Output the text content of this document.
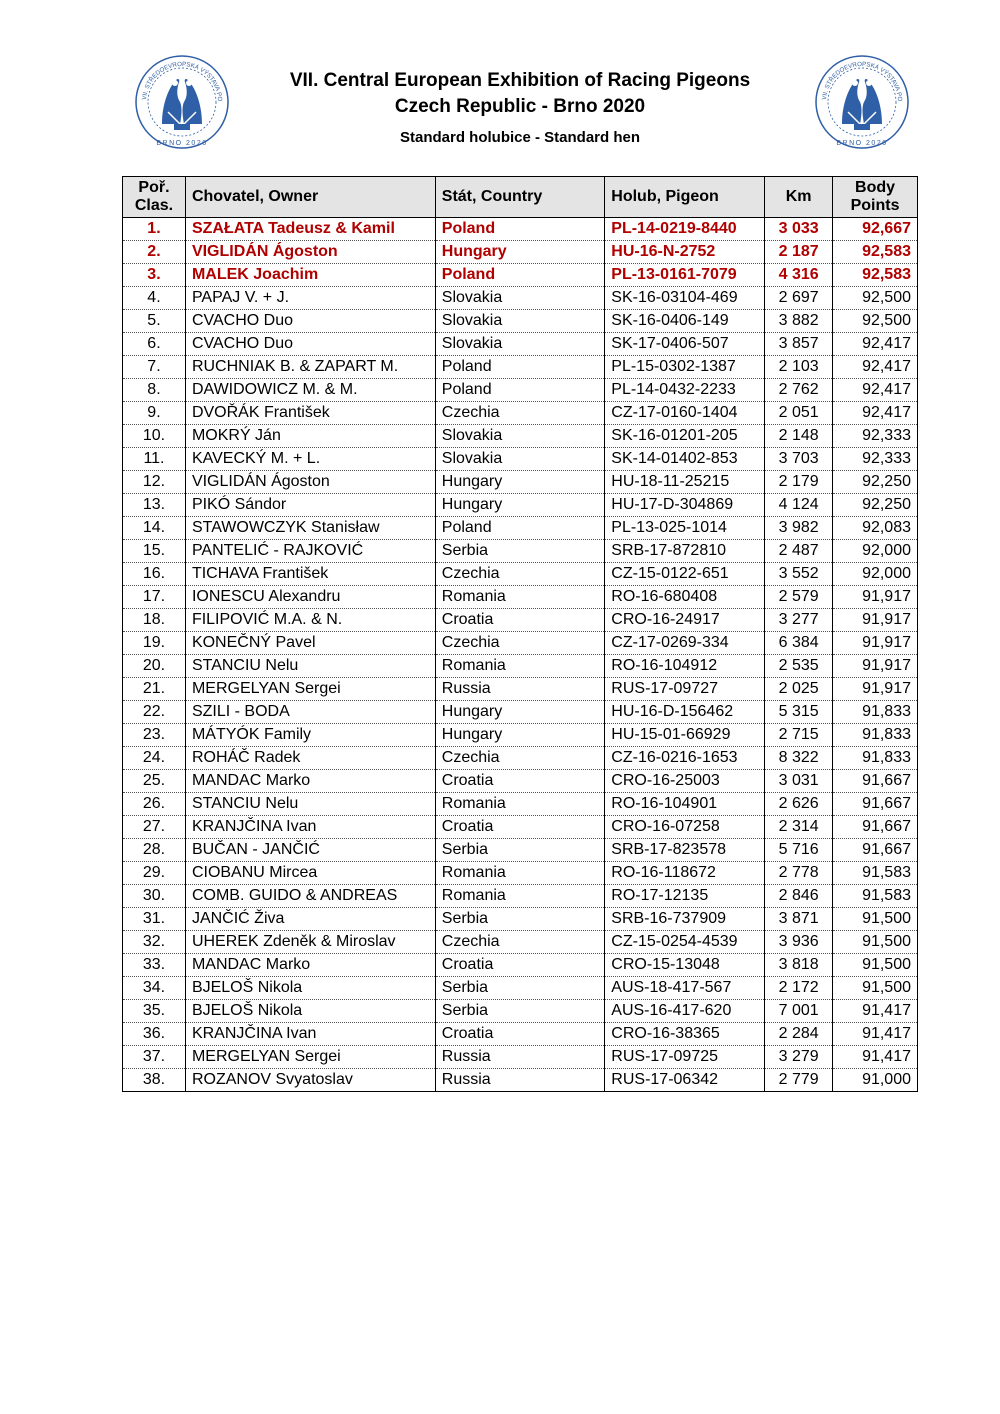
VII. STŘEDOEVROPSKÁ VÝSTAVA PO
BRNO 2020
VII. STŘEDOEVROPSKÁ VÝSTAVA PO
BRNO 2020
VII. Central European Exhibition of Racing Pigeons
Czech Republic - Brno 2020
Standard holubice - Standard hen
Poř. Clas.	Chovatel, Owner	Stát, Country	Holub, Pigeon	Km	Body Points
1.	SZAŁATA Tadeusz & Kamil	Poland	PL-14-0219-8440	3 033	92,667
2.	VIGLIDÁN Ágoston	Hungary	HU-16-N-2752	2 187	92,583
3.	MALEK Joachim	Poland	PL-13-0161-7079	4 316	92,583
4.	PAPAJ V. + J.	Slovakia	SK-16-03104-469	2 697	92,500
5.	CVACHO Duo	Slovakia	SK-16-0406-149	3 882	92,500
6.	CVACHO Duo	Slovakia	SK-17-0406-507	3 857	92,417
7.	RUCHNIAK B. & ZAPART M.	Poland	PL-15-0302-1387	2 103	92,417
8.	DAWIDOWICZ M. & M.	Poland	PL-14-0432-2233	2 762	92,417
9.	DVOŘÁK František	Czechia	CZ-17-0160-1404	2 051	92,417
10.	MOKRÝ Ján	Slovakia	SK-16-01201-205	2 148	92,333
11.	KAVECKÝ M. + L.	Slovakia	SK-14-01402-853	3 703	92,333
12.	VIGLIDÁN Ágoston	Hungary	HU-18-11-25215	2 179	92,250
13.	PIKÓ Sándor	Hungary	HU-17-D-304869	4 124	92,250
14.	STAWOWCZYK Stanisław	Poland	PL-13-025-1014	3 982	92,083
15.	PANTELIĆ - RAJKOVIĆ	Serbia	SRB-17-872810	2 487	92,000
16.	TICHAVA František	Czechia	CZ-15-0122-651	3 552	92,000
17.	IONESCU Alexandru	Romania	RO-16-680408	2 579	91,917
18.	FILIPOVIĆ M.A. & N.	Croatia	CRO-16-24917	3 277	91,917
19.	KONEČNÝ Pavel	Czechia	CZ-17-0269-334	6 384	91,917
20.	STANCIU Nelu	Romania	RO-16-104912	2 535	91,917
21.	MERGELYAN Sergei	Russia	RUS-17-09727	2 025	91,917
22.	SZILI - BODA	Hungary	HU-16-D-156462	5 315	91,833
23.	MÁTYÓK Family	Hungary	HU-15-01-66929	2 715	91,833
24.	ROHÁČ Radek	Czechia	CZ-16-0216-1653	8 322	91,833
25.	MANDAC Marko	Croatia	CRO-16-25003	3 031	91,667
26.	STANCIU Nelu	Romania	RO-16-104901	2 626	91,667
27.	KRANJČINA Ivan	Croatia	CRO-16-07258	2 314	91,667
28.	BUČAN - JANČIĆ	Serbia	SRB-17-823578	5 716	91,667
29.	CIOBANU Mircea	Romania	RO-16-118672	2 778	91,583
30.	COMB. GUIDO & ANDREAS	Romania	RO-17-12135	2 846	91,583
31.	JANČIĆ Živa	Serbia	SRB-16-737909	3 871	91,500
32.	UHEREK Zdeněk & Miroslav	Czechia	CZ-15-0254-4539	3 936	91,500
33.	MANDAC Marko	Croatia	CRO-15-13048	3 818	91,500
34.	BJELOŠ Nikola	Serbia	AUS-18-417-567	2 172	91,500
35.	BJELOŠ Nikola	Serbia	AUS-16-417-620	7 001	91,417
36.	KRANJČINA Ivan	Croatia	CRO-16-38365	2 284	91,417
37.	MERGELYAN Sergei	Russia	RUS-17-09725	3 279	91,417
38.	ROZANOV Svyatoslav	Russia	RUS-17-06342	2 779	91,000
